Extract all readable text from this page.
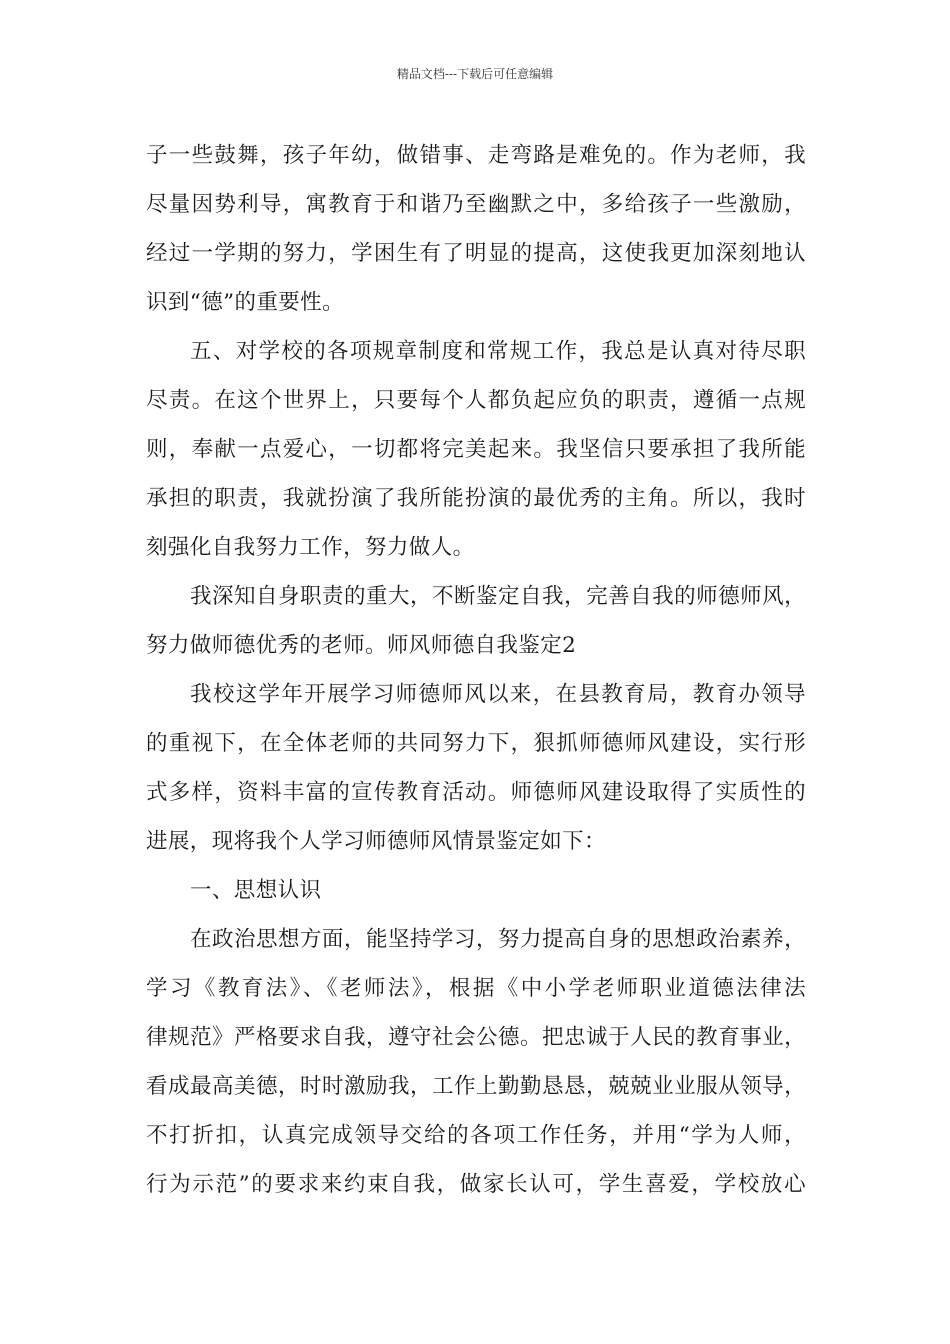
精品文档---下载后可任意编辑
子一些鼓舞，孩子年幼，做错事、走弯路是难免的。作为老师，我
尽量因势利导，寓教育于和谐乃至幽默之中，多给孩子一些激励，
经过一学期的努力，学困生有了明显的提高，这使我更加深刻地认
识到“德”的重要性。
五、对学校的各项规章制度和常规工作，我总是认真对待尽职
尽责。在这个世界上，只要每个人都负起应负的职责，遵循一点规
则，奉献一点爱心，一切都将完美起来。我坚信只要承担了我所能
承担的职责，我就扮演了我所能扮演的最优秀的主角。所以，我时
刻强化自我努力工作，努力做人。
我深知自身职责的重大，不断鉴定自我，完善自我的师德师风，
努力做师德优秀的老师。师风师德自我鉴定2
我校这学年开展学习师德师风以来，在县教育局，教育办领导
的重视下，在全体老师的共同努力下，狠抓师德师风建设，实行形
式多样，资料丰富的宣传教育活动。师德师风建设取得了实质性的
进展，现将我个人学习师德师风情景鉴定如下：
一、思想认识
在政治思想方面，能坚持学习，努力提高自身的思想政治素养，
学习《教育法》、《老师法》，根据《中小学老师职业道德法律法
律规范》严格要求自我，遵守社会公德。把忠诚于人民的教育事业，
看成最高美德，时时激励我，工作上勤勤恳恳，兢兢业业服从领导，
不打折扣，认真完成领导交给的各项工作任务，并用“学为人师，
行为示范”的要求来约束自我，做家长认可，学生喜爱，学校放心
